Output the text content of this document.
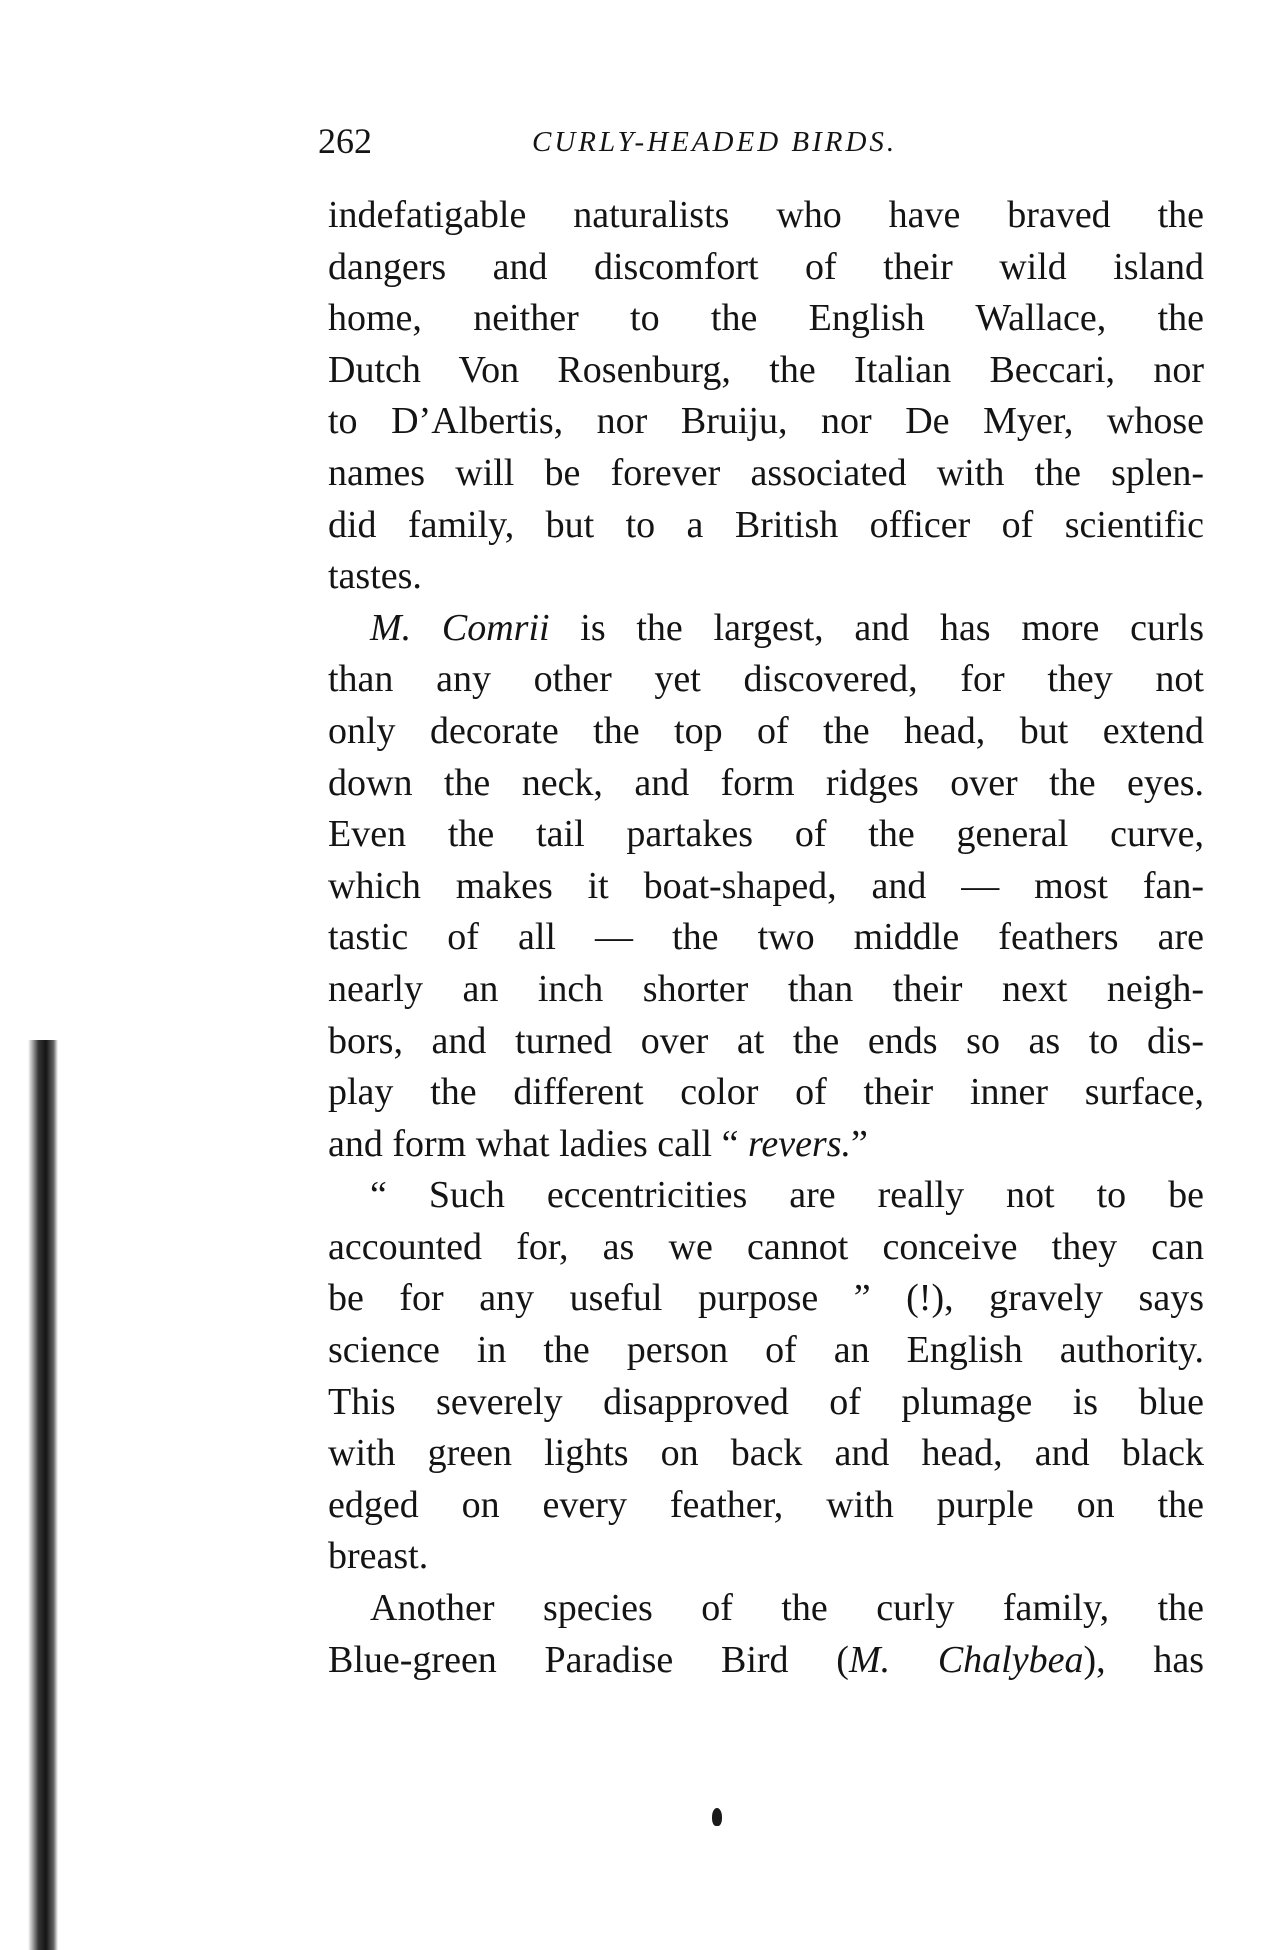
262	CURLY-HEADED BIRDS.
indefatigable naturalists who have braved the
dangers and discomfort of their wild island
home, neither to the English Wallace, the
Dutch Von Rosenburg, the Italian Beccari, nor
to D’Albertis, nor Bruiju, nor De Myer, whose
names will be forever associated with the splen-
did family, but to a British officer of scientific
tastes.
M. Comrii is the largest, and has more curls
than any other yet discovered, for they not
only decorate the top of the head, but extend
down the neck, and form ridges over the eyes.
Even the tail partakes of the general curve,
which makes it boat-shaped, and — most fan-
tastic of all — the two middle feathers are
nearly an inch shorter than their next neigh-
bors, and turned over at the ends so as to dis-
play the different color of their inner surface,
and form what ladies call “ revers.”
“ Such eccentricities are really not to be
accounted for, as we cannot conceive they can
be for any useful purpose ” (!), gravely says
science in the person of an English authority.
This severely disapproved of plumage is blue
with green lights on back and head, and black
edged on every feather, with purple on the
breast.
Another species of the curly family, the
Blue-green Paradise Bird (M. Chalybea), has
